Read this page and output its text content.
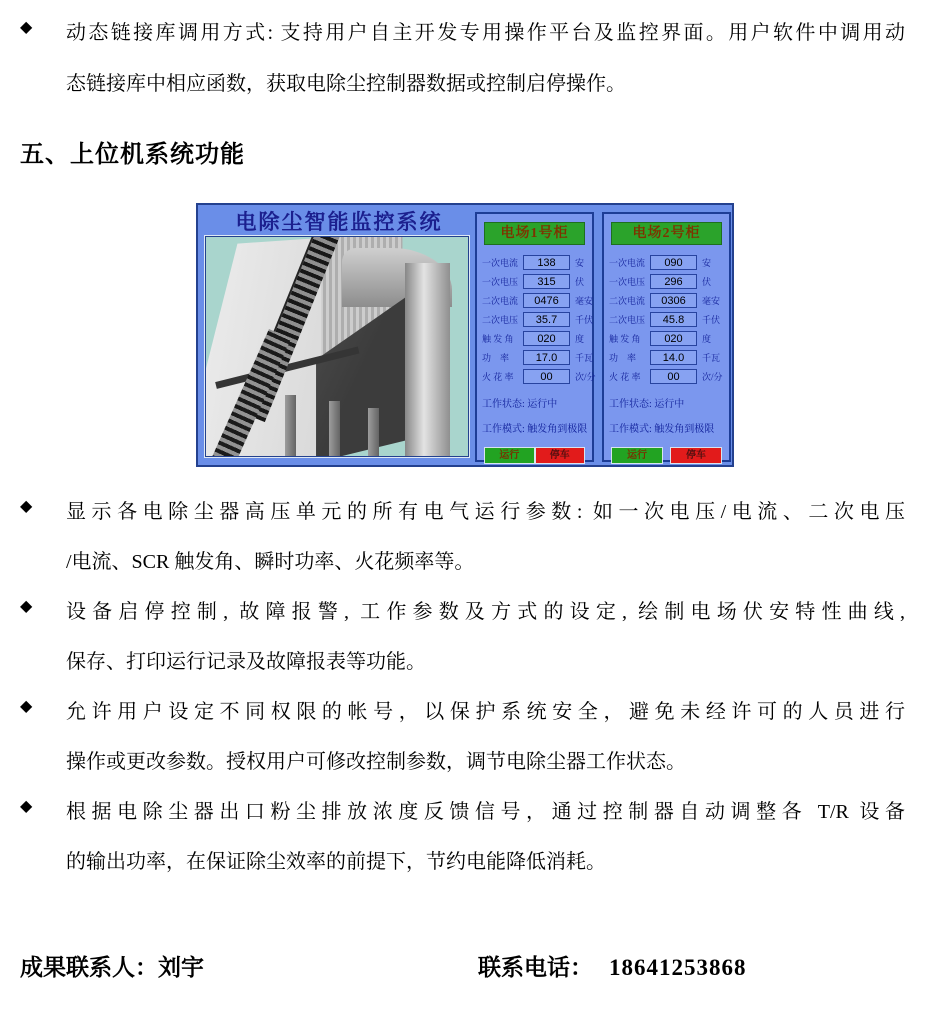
◆	动态链接库调用方式: 支持用户自主开发专用操作平台及监控界面。用户软件中调用动
态链接库中相应函数，获取电除尘控制器数据或控制启停操作。
五、上位机系统功能
电除尘智能监控系统	电场1号柜
一次电流	138	安
一次电压	315	伏
二次电流	0476	毫安
二次电压	35.7	千伏
触 发 角	020	度
功    率	17.0	千瓦
火 花 率	00	次/分
工作状态: 运行中
工作模式: 触发角到极限
运行	停车
电场2号柜
一次电流	090	安
一次电压	296	伏
二次电流	0306	毫安
二次电压	45.8	千伏
触 发 角	020	度
功    率	14.0	千瓦
火 花 率	00	次/分
工作状态: 运行中
工作模式: 触发角到极限
运行	停车
◆	显示各电除尘器高压单元的所有电气运行参数: 如一次电压/电流、二次电压
/电流、SCR 触发角、瞬时功率、火花频率等。
◆	设备启停控制, 故障报警, 工作参数及方式的设定, 绘制电场伏安特性曲线,
保存、打印运行记录及故障报表等功能。
◆	允许用户设定不同权限的帐号，以保护系统安全，避免未经许可的人员进行
操作或更改参数。授权用户可修改控制参数，调节电除尘器工作状态。
◆	根据电除尘器出口粉尘排放浓度反馈信号，通过控制器自动调整各 T/R 设备
的输出功率，在保证除尘效率的前提下，节约电能降低消耗。
成果联系人：刘宇	联系电话： 18641253868
